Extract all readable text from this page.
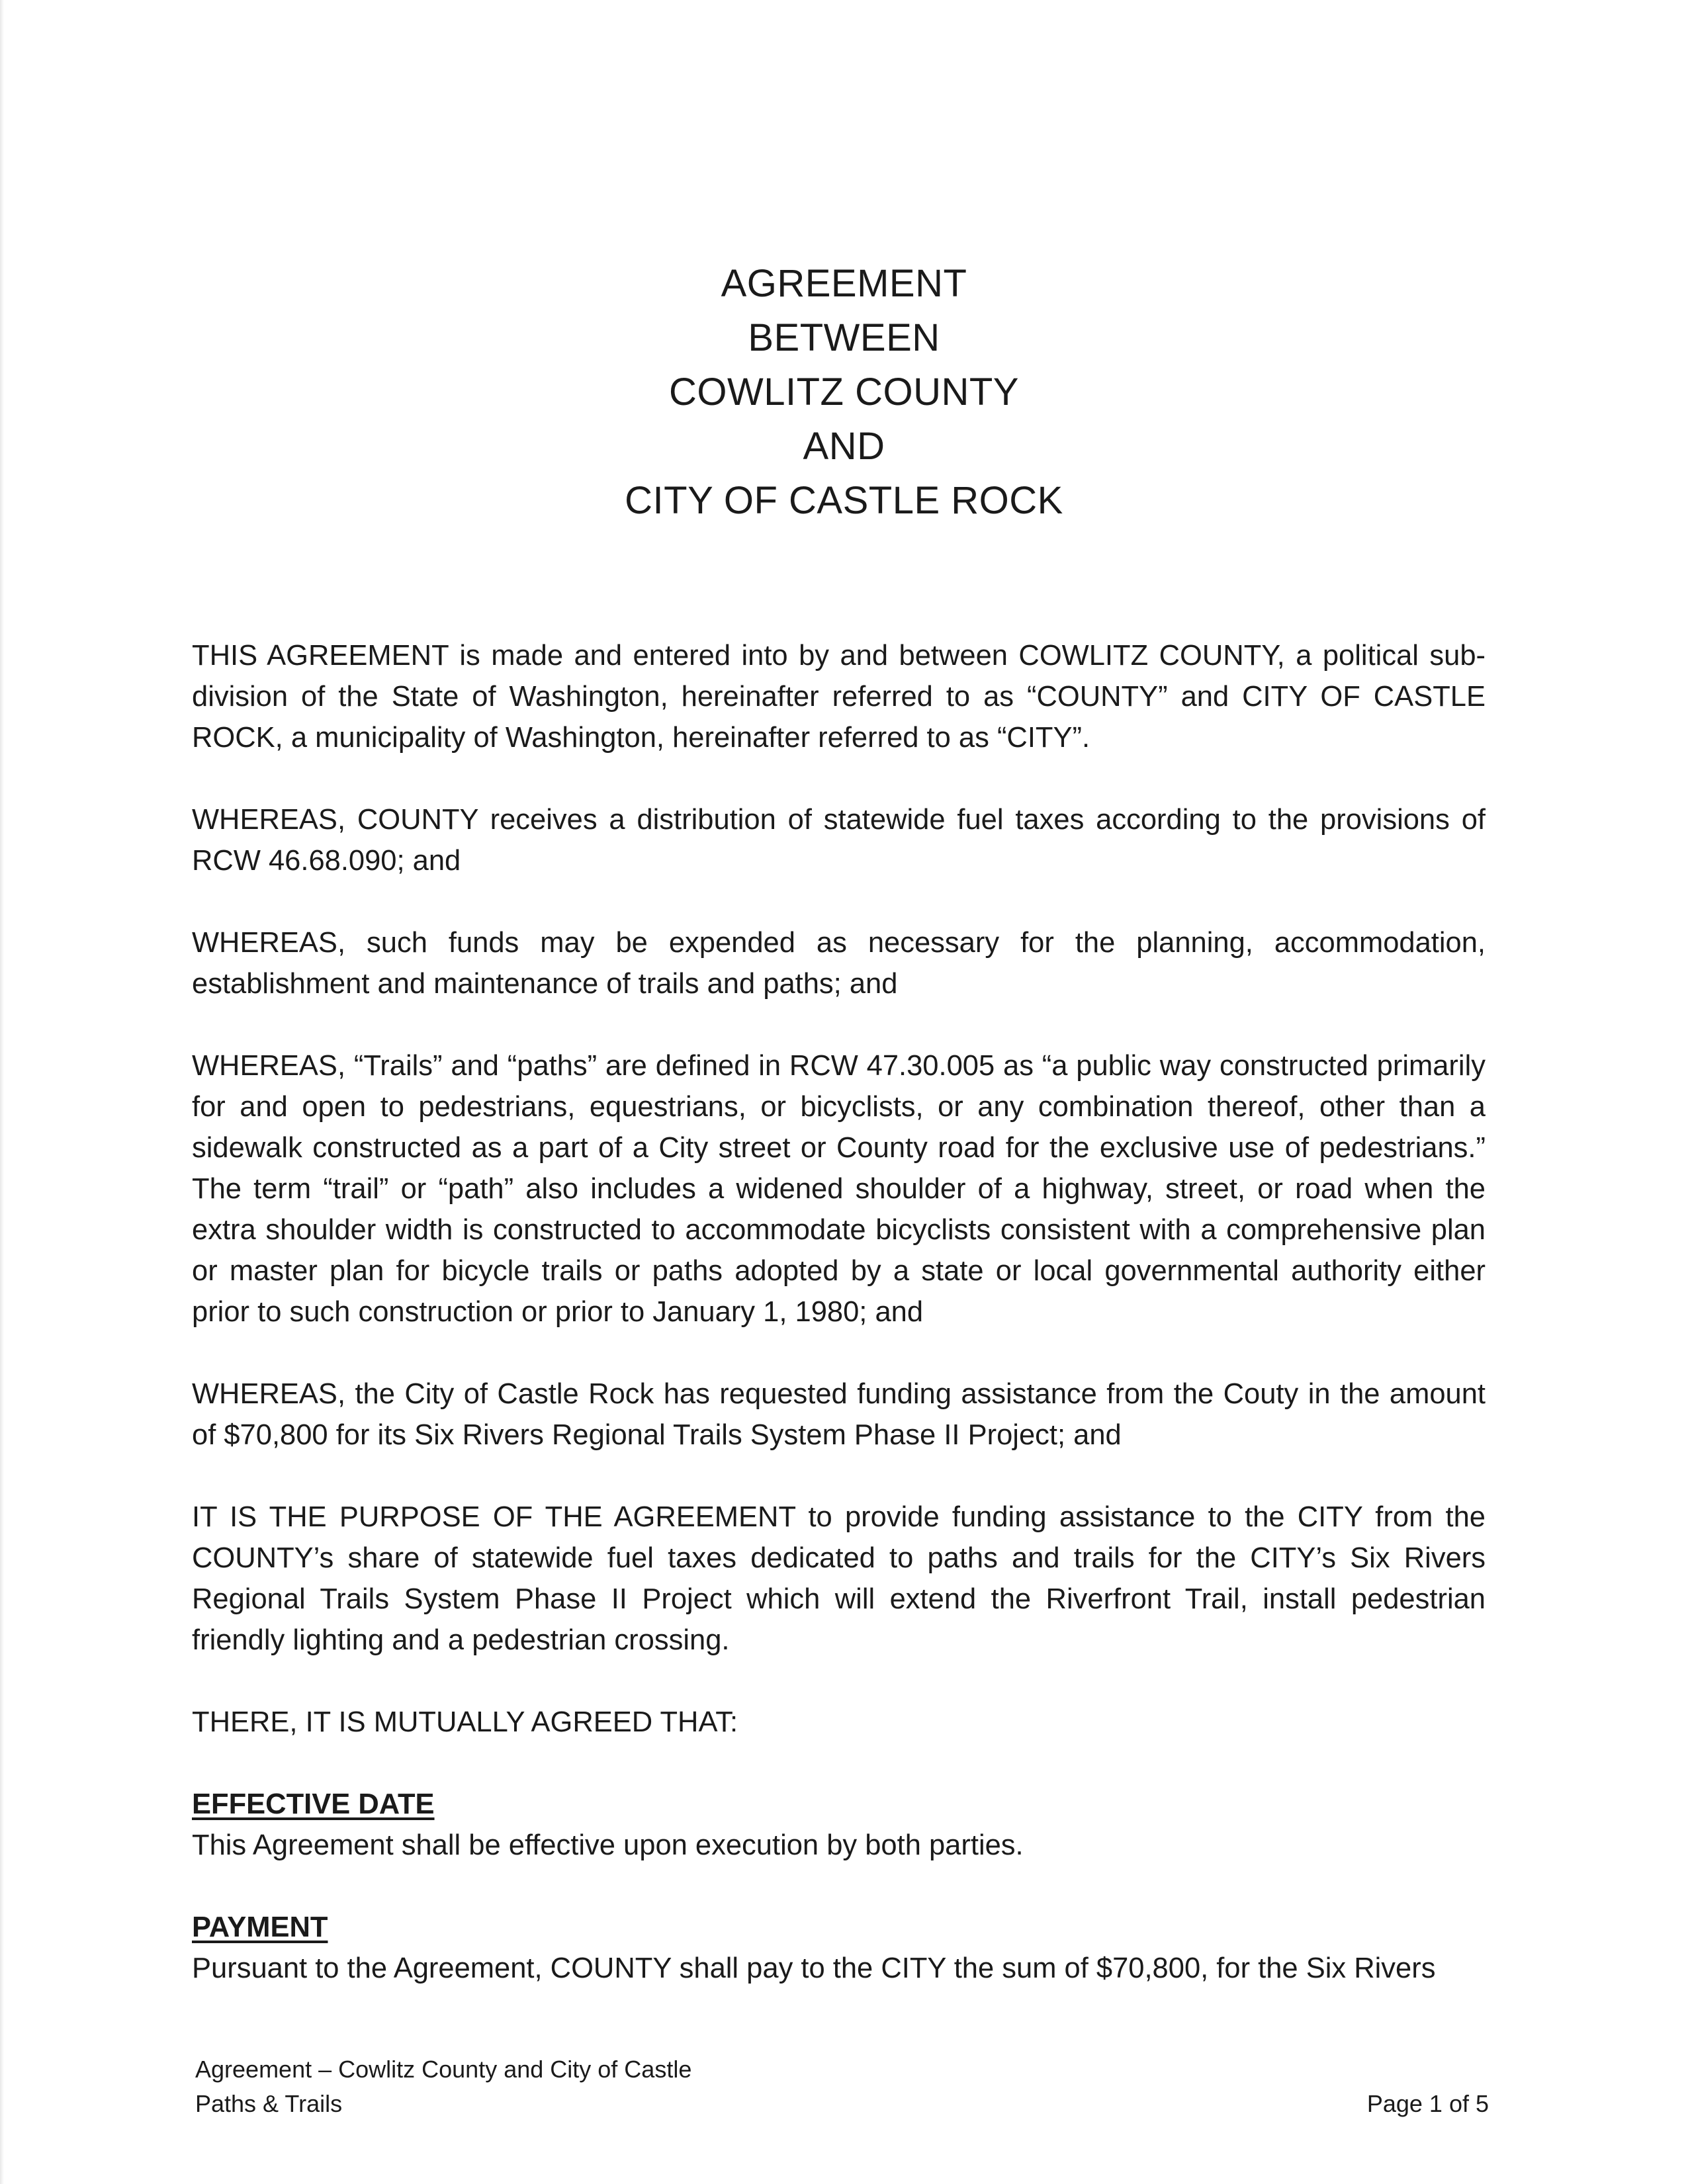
AGREEMENT
BETWEEN
COWLITZ COUNTY
AND
CITY OF CASTLE ROCK

THIS AGREEMENT is made and entered into by and between COWLITZ COUNTY, a political sub-division of the State of Washington, hereinafter referred to as “COUNTY” and CITY OF CASTLE ROCK, a municipality of Washington, hereinafter referred to as “CITY”.

WHEREAS, COUNTY receives a distribution of statewide fuel taxes according to the provisions of RCW 46.68.090; and

WHEREAS, such funds may be expended as necessary for the planning, accommodation, establishment and maintenance of trails and paths; and

WHEREAS, “Trails” and “paths” are defined in RCW 47.30.005 as “a public way constructed primarily for and open to pedestrians, equestrians, or bicyclists, or any combination thereof, other than a sidewalk constructed as a part of a City street or County road for the exclusive use of pedestrians.” The term “trail” or “path” also includes a widened shoulder of a highway, street, or road when the extra shoulder width is constructed to accommodate bicyclists consistent with a comprehensive plan or master plan for bicycle trails or paths adopted by a state or local governmental authority either prior to such construction or prior to January 1, 1980; and

WHEREAS, the City of Castle Rock has requested funding assistance from the Couty in the amount of $70,800 for its Six Rivers Regional Trails System Phase II Project; and

IT IS THE PURPOSE OF THE AGREEMENT to provide funding assistance to the CITY from the COUNTY’s share of statewide fuel taxes dedicated to paths and trails for the CITY’s Six Rivers Regional Trails System Phase II Project which will extend the Riverfront Trail, install pedestrian friendly lighting and a pedestrian crossing.

THERE, IT IS MUTUALLY AGREED THAT:

EFFECTIVE DATE

This Agreement shall be effective upon execution by both parties.

PAYMENT

Pursuant to the Agreement, COUNTY shall pay to the CITY the sum of $70,800, for the Six Rivers

Agreement – Cowlitz County and City of Castle
Paths & Trails	Page 1 of 5
